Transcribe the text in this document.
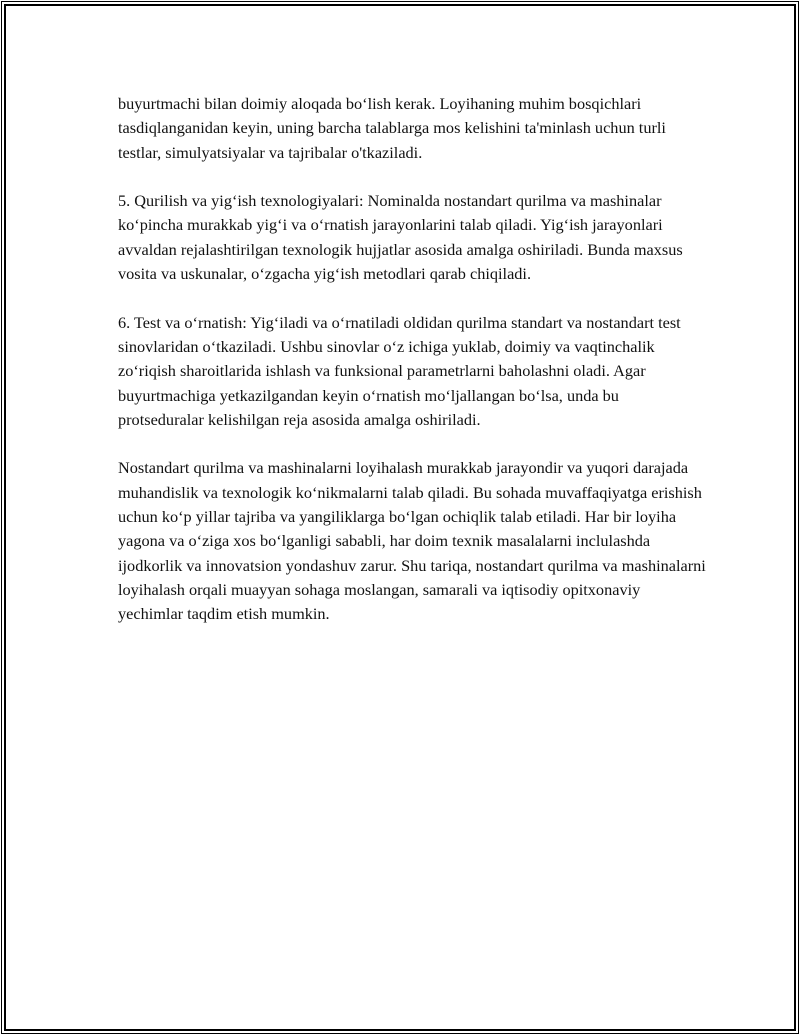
buyurtmachi bilan doimiy aloqada bo‘lish kerak. Loyihaning muhim bosqichlari tasdiqlanganidan keyin, uning barcha talablarga mos kelishini ta'minlash uchun turli testlar, simulyatsiyalar va tajribalar o'tkaziladi.

5. Qurilish va yig‘ish texnologiyalari: Nominalda nostandart qurilma va mashinalar ko‘pincha murakkab yig‘i va o‘rnatish jarayonlarini talab qiladi. Yig‘ish jarayonlari avvaldan rejalashtirilgan texnologik hujjatlar asosida amalga oshiriladi. Bunda maxsus vosita va uskunalar, o‘zgacha yig‘ish metodlari qarab chiqiladi.

6. Test va o‘rnatish: Yig‘iladi va o‘rnatiladi oldidan qurilma standart va nostandart test sinovlaridan o‘tkaziladi. Ushbu sinovlar o‘z ichiga yuklab, doimiy va vaqtinchalik zo‘riqish sharoitlarida ishlash va funksional parametrlarni baholashni oladi. Agar buyurtmachiga yetkazilgandan keyin o‘rnatish mo‘ljallangan bo‘lsa, unda bu protseduralar kelishilgan reja asosida amalga oshiriladi.

Nostandart qurilma va mashinalarni loyihalash murakkab jarayondir va yuqori darajada muhandislik va texnologik ko‘nikmalarni talab qiladi. Bu sohada muvaffaqiyatga erishish uchun ko‘p yillar tajriba va yangiliklarga bo‘lgan ochiqlik talab etiladi. Har bir loyiha yagona va o‘ziga xos bo‘lganligi sababli, har doim texnik masalalarni inclulashda ijodkorlik va innovatsion yondashuv zarur. Shu tariqa, nostandart qurilma va mashinalarni loyihalash orqali muayyan sohaga moslangan, samarali va iqtisodiy opitxonaviy yechimlar taqdim etish mumkin.
